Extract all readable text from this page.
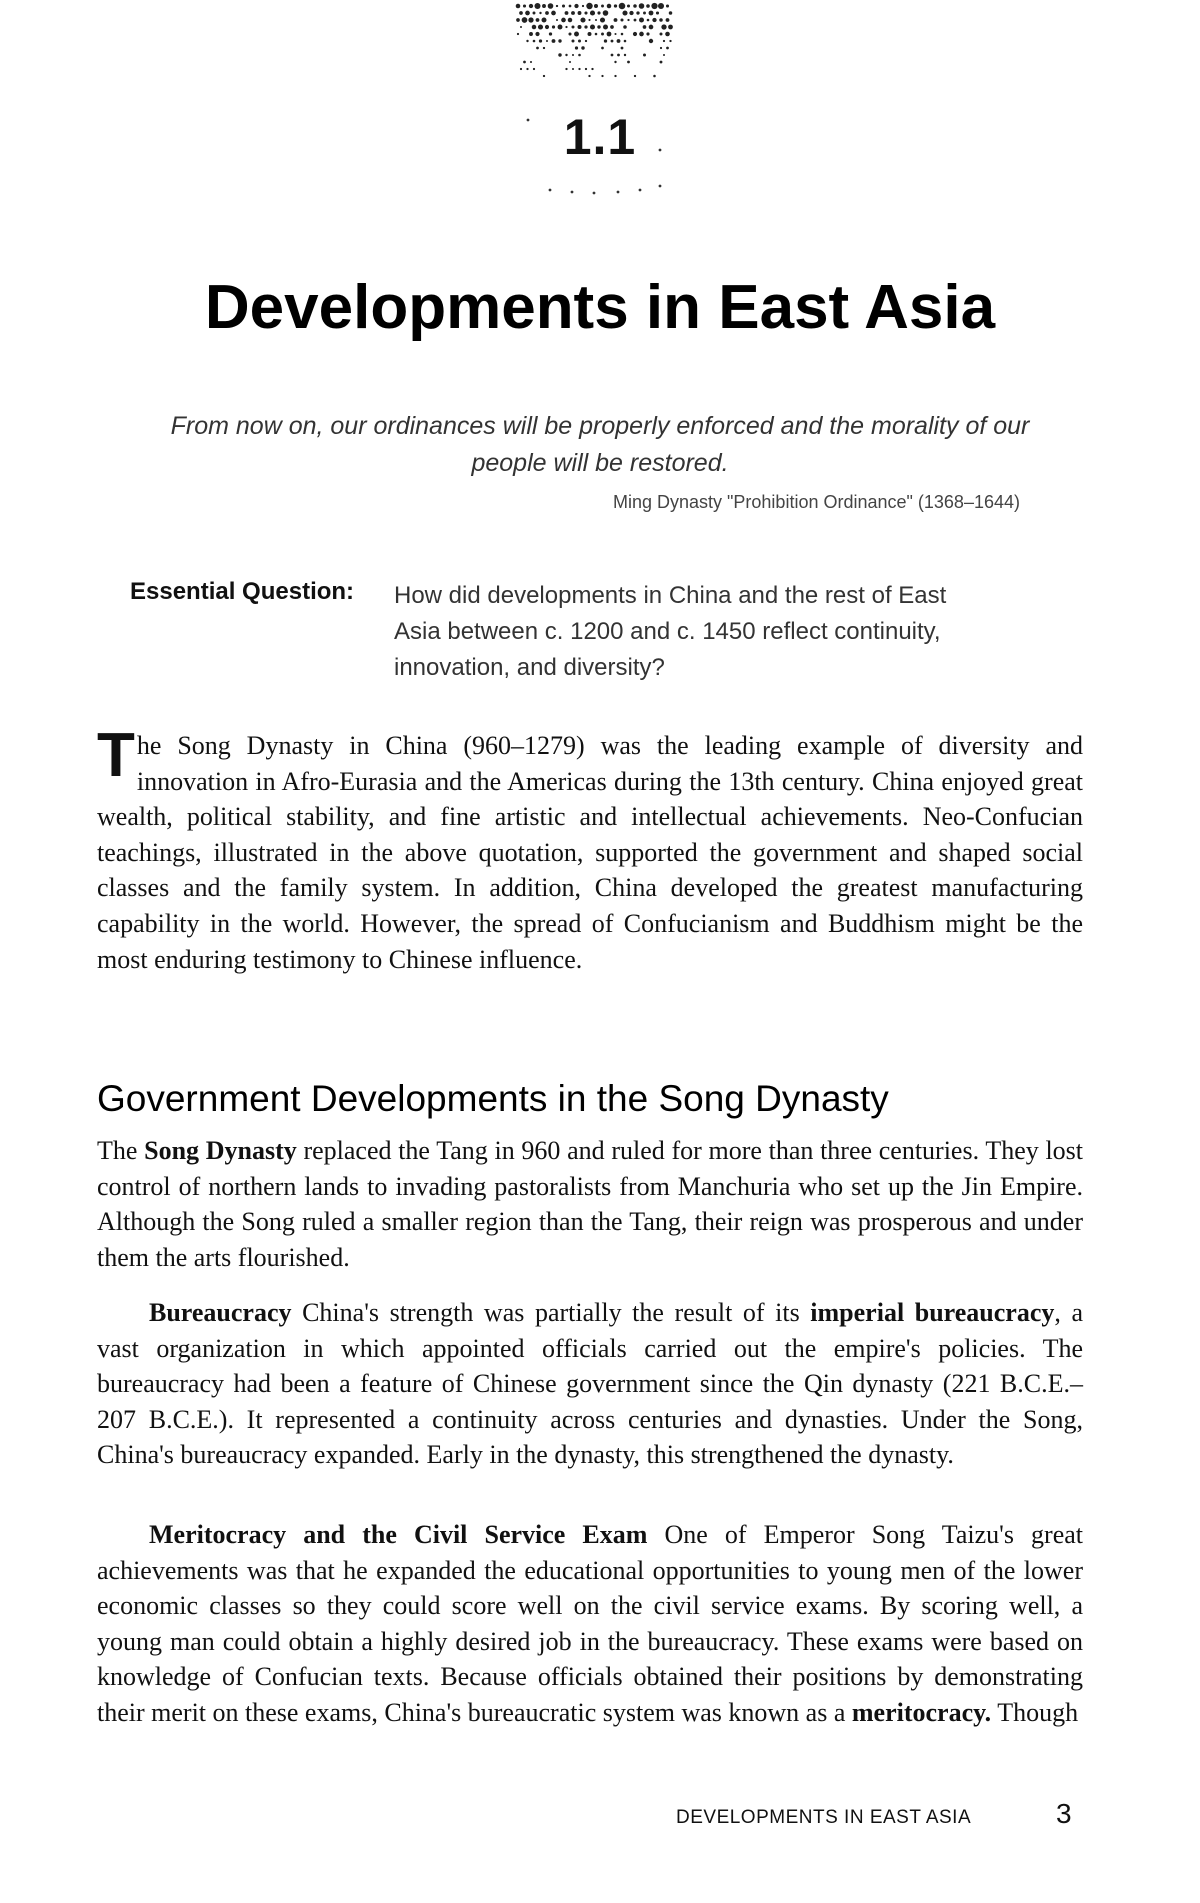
1.1
Developments in East Asia
From now on, our ordinances will be properly enforced and the morality of our
people will be restored.
Ming Dynasty "Prohibition Ordinance" (1368–1644)
Essential Question: How did developments in China and the rest of East
Asia between c. 1200 and c. 1450 reflect continuity,
innovation, and diversity?

The Song Dynasty in China (960–1279) was the leading example of diversity and innovation in Afro-Eurasia and the Americas during the 13th century. China enjoyed great wealth, political stability, and fine artistic and intellectual achievements. Neo-Confucian teachings, illustrated in the above quotation, supported the government and shaped social classes and the family system. In addition, China developed the greatest manufacturing capability in the world. However, the spread of Confucianism and Buddhism might be the most enduring testimony to Chinese influence.

Government Developments in the Song Dynasty

The Song Dynasty replaced the Tang in 960 and ruled for more than three centuries. They lost control of northern lands to invading pastoralists from Manchuria who set up the Jin Empire. Although the Song ruled a smaller region than the Tang, their reign was prosperous and under them the arts flourished.

Bureaucracy China's strength was partially the result of its imperial bureaucracy, a vast organization in which appointed officials carried out the empire's policies. The bureaucracy had been a feature of Chinese government since the Qin dynasty (221 B.C.E.–207 B.C.E.). It represented a continuity across centuries and dynasties. Under the Song, China's bureaucracy expanded. Early in the dynasty, this strengthened the dynasty.

Meritocracy and the Civil Service Exam One of Emperor Song Taizu's great achievements was that he expanded the educational opportunities to young men of the lower economic classes so they could score well on the civil service exams. By scoring well, a young man could obtain a highly desired job in the bureaucracy. These exams were based on knowledge of Confucian texts. Because officials obtained their positions by demonstrating their merit on these exams, China's bureaucratic system was known as a meritocracy. Though

DEVELOPMENTS IN EAST ASIA	3
